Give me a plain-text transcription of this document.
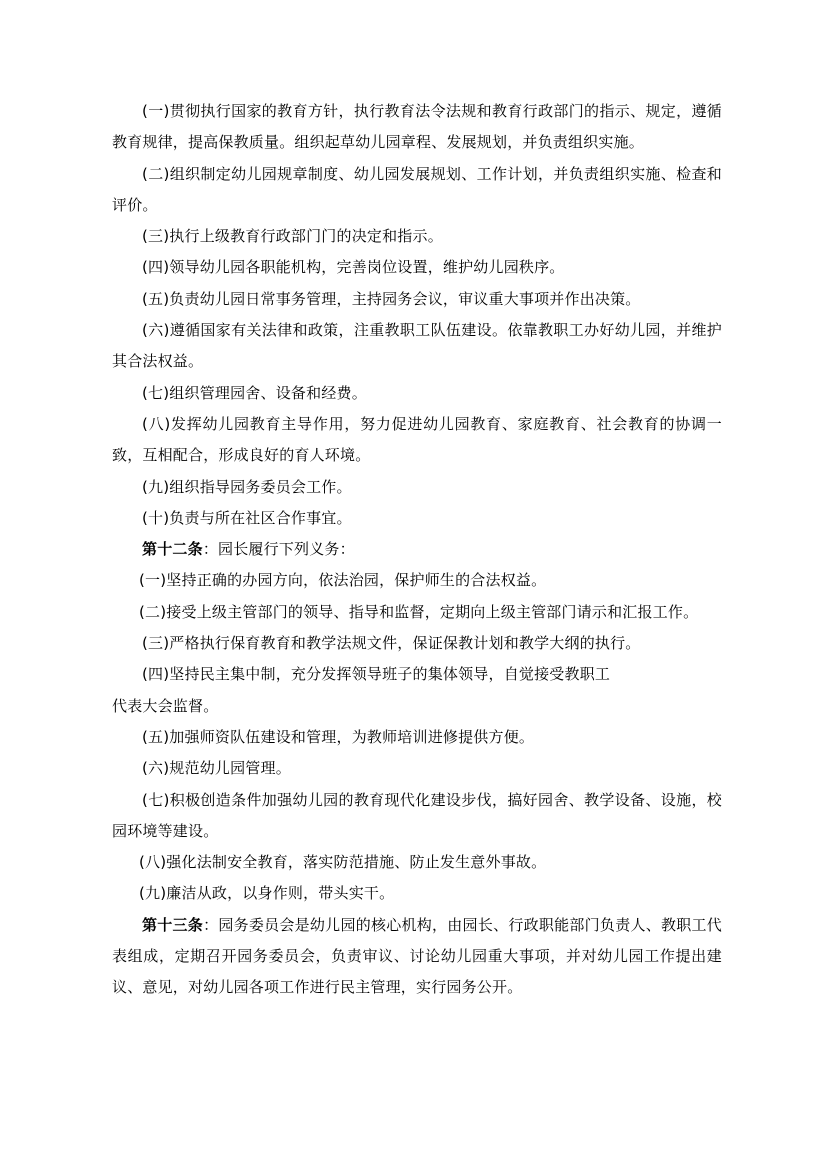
(一)贯彻执行国家的教育方针，执行教育法令法规和教育行政部门的指示、规定，遵循教育规律，提高保教质量。组织起草幼儿园章程、发展规划，并负责组织实施。

(二)组织制定幼儿园规章制度、幼儿园发展规划、工作计划，并负责组织实施、检查和评价。

(三)执行上级教育行政部门门的决定和指示。

(四)领导幼儿园各职能机构，完善岗位设置，维护幼儿园秩序。

(五)负责幼儿园日常事务管理，主持园务会议，审议重大事项并作出决策。

(六)遵循国家有关法律和政策，注重教职工队伍建设。依靠教职工办好幼儿园，并维护其合法权益。

(七)组织管理园舍、设备和经费。

(八)发挥幼儿园教育主导作用，努力促进幼儿园教育、家庭教育、社会教育的协调一致，互相配合，形成良好的育人环境。

(九)组织指导园务委员会工作。

(十)负责与所在社区合作事宜。

第十二条：园长履行下列义务：

(一)坚持正确的办园方向，依法治园，保护师生的合法权益。

(二)接受上级主管部门的领导、指导和监督，定期向上级主管部门请示和汇报工作。

(三)严格执行保育教育和教学法规文件，保证保教计划和教学大纲的执行。

(四)坚持民主集中制，充分发挥领导班子的集体领导，自觉接受教职工
代表大会监督。

(五)加强师资队伍建设和管理，为教师培训进修提供方便。

(六)规范幼儿园管理。

(七)积极创造条件加强幼儿园的教育现代化建设步伐，搞好园舍、教学设备、设施，校园环境等建设。

(八)强化法制安全教育，落实防范措施、防止发生意外事故。

(九)廉洁从政，以身作则，带头实干。

第十三条：园务委员会是幼儿园的核心机构，由园长、行政职能部门负责人、教职工代表组成，定期召开园务委员会，负责审议、讨论幼儿园重大事项，并对幼儿园工作提出建议、意见，对幼儿园各项工作进行民主管理，实行园务公开。
